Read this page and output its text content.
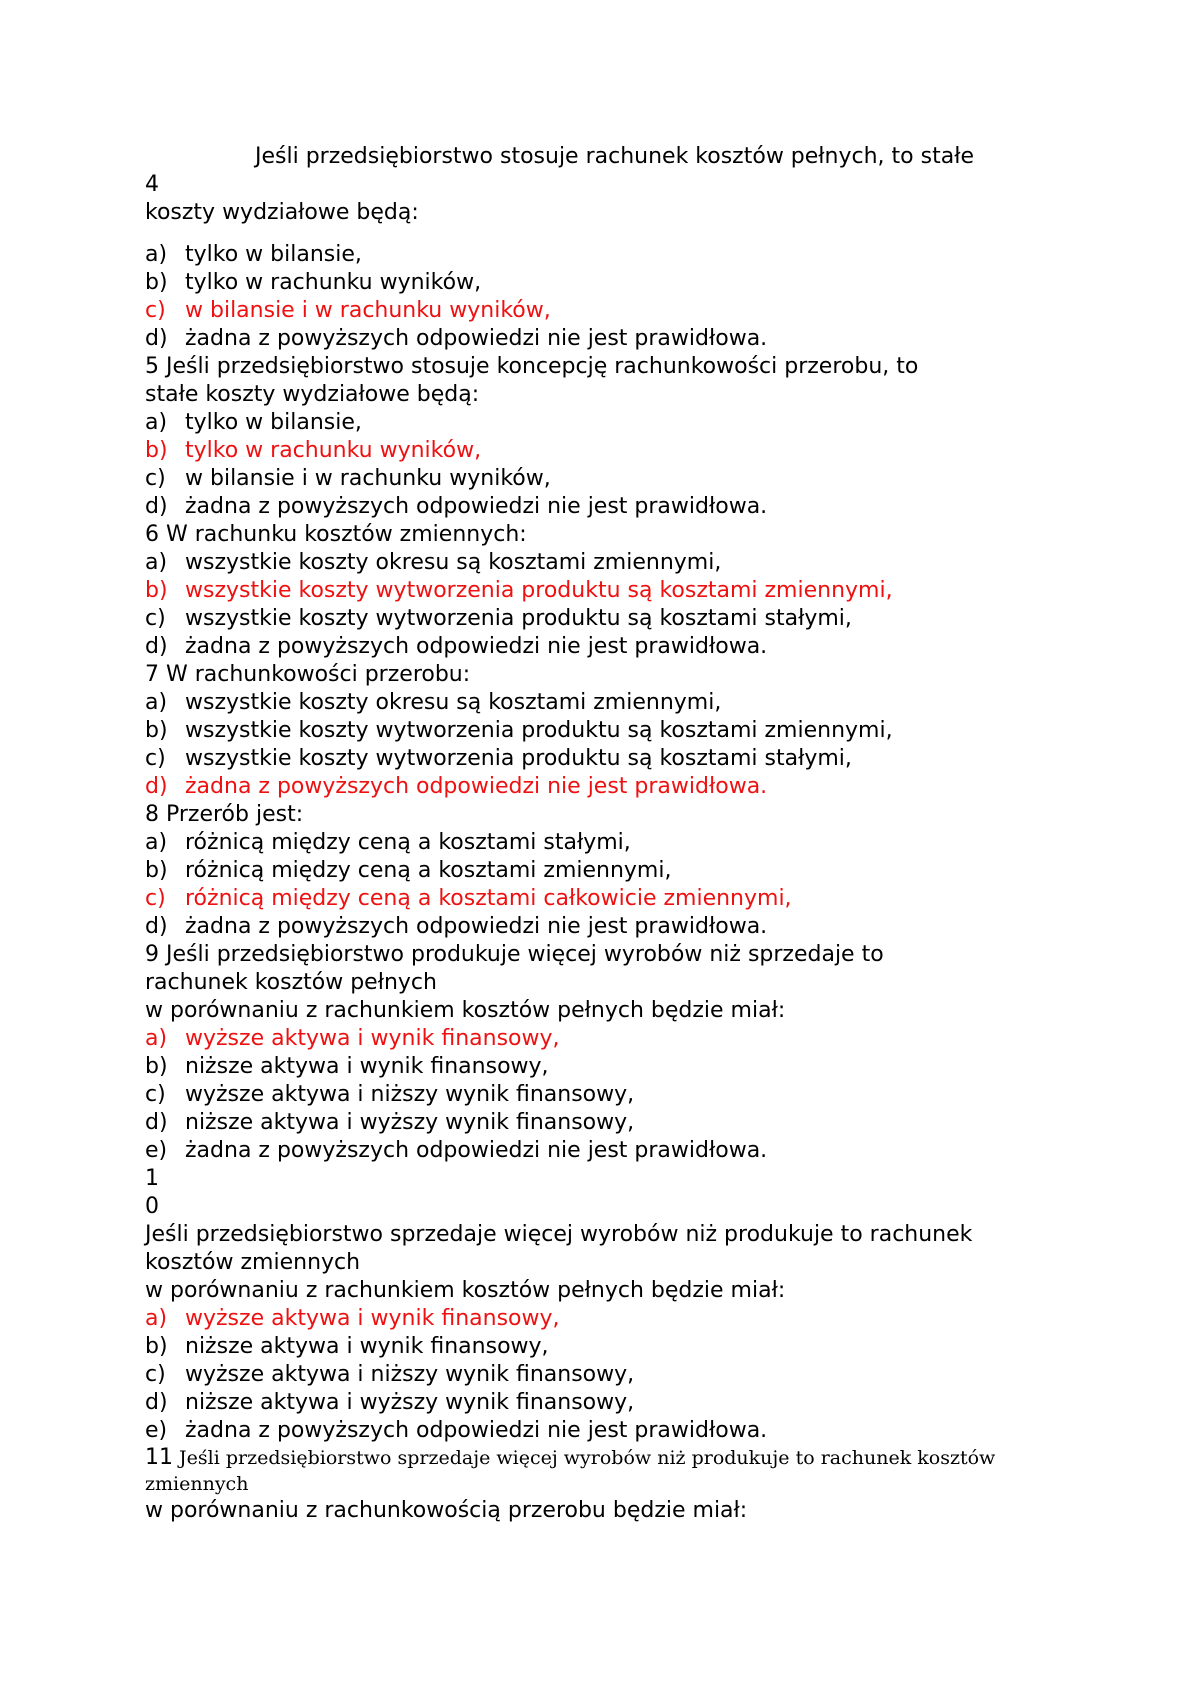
Jeśli przedsiębiorstwo stosuje rachunek kosztów pełnych, to stałe
4
koszty wydziałowe będą:
a) tylko w bilansie,
b) tylko w rachunku wyników,
c) w bilansie i w rachunku wyników,
d) żadna z powyższych odpowiedzi nie jest prawidłowa.
5 Jeśli przedsiębiorstwo stosuje koncepcję rachunkowości przerobu, to
stałe koszty wydziałowe będą:
a) tylko w bilansie,
b) tylko w rachunku wyników,
c) w bilansie i w rachunku wyników,
d) żadna z powyższych odpowiedzi nie jest prawidłowa.
6 W rachunku kosztów zmiennych:
a) wszystkie koszty okresu są kosztami zmiennymi,
b) wszystkie koszty wytworzenia produktu są kosztami zmiennymi,
c) wszystkie koszty wytworzenia produktu są kosztami stałymi,
d) żadna z powyższych odpowiedzi nie jest prawidłowa.
7 W rachunkowości przerobu:
a) wszystkie koszty okresu są kosztami zmiennymi,
b) wszystkie koszty wytworzenia produktu są kosztami zmiennymi,
c) wszystkie koszty wytworzenia produktu są kosztami stałymi,
d) żadna z powyższych odpowiedzi nie jest prawidłowa.
8 Przerób jest:
a) różnicą między ceną a kosztami stałymi,
b) różnicą między ceną a kosztami zmiennymi,
c) różnicą między ceną a kosztami całkowicie zmiennymi,
d) żadna z powyższych odpowiedzi nie jest prawidłowa.
9 Jeśli przedsiębiorstwo produkuje więcej wyrobów niż sprzedaje to
rachunek kosztów pełnych
w porównaniu z rachunkiem kosztów pełnych będzie miał:
a) wyższe aktywa i wynik finansowy,
b) niższe aktywa i wynik finansowy,
c) wyższe aktywa i niższy wynik finansowy,
d) niższe aktywa i wyższy wynik finansowy,
e) żadna z powyższych odpowiedzi nie jest prawidłowa.
1
0
Jeśli przedsiębiorstwo sprzedaje więcej wyrobów niż produkuje to rachunek
kosztów zmiennych
w porównaniu z rachunkiem kosztów pełnych będzie miał:
a) wyższe aktywa i wynik finansowy,
b) niższe aktywa i wynik finansowy,
c) wyższe aktywa i niższy wynik finansowy,
d) niższe aktywa i wyższy wynik finansowy,
e) żadna z powyższych odpowiedzi nie jest prawidłowa.
11 Jeśli przedsiębiorstwo sprzedaje więcej wyrobów niż produkuje to rachunek kosztów
zmiennych
w porównaniu z rachunkowością przerobu będzie miał:
